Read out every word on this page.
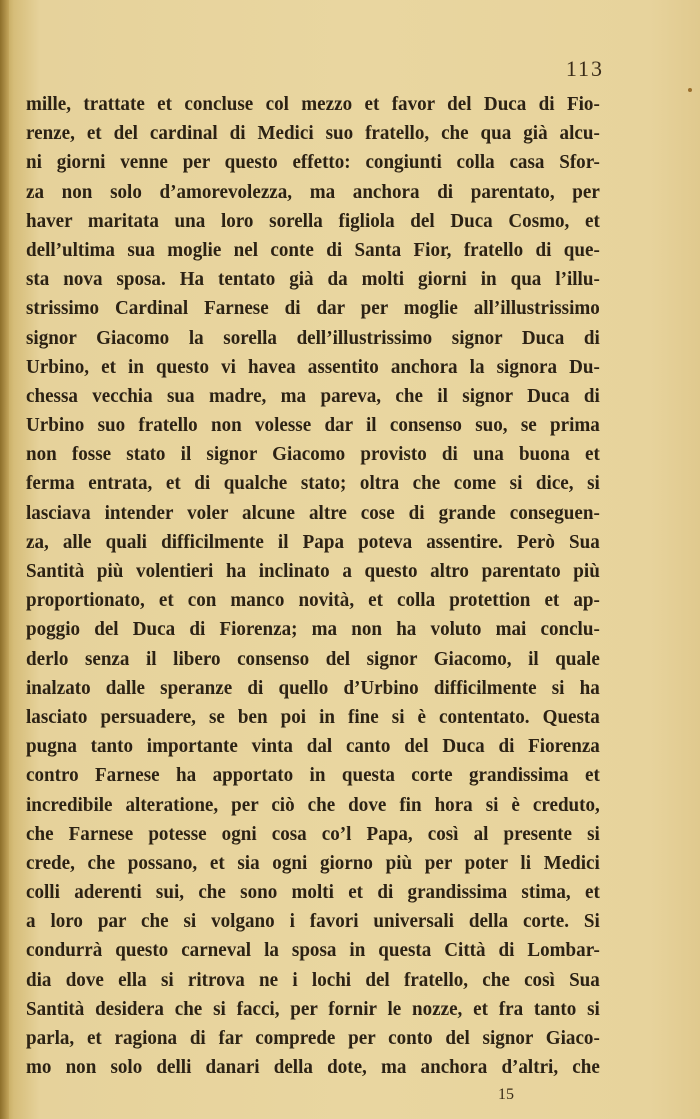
113
mille, trattate et concluse col mezzo et favor del Duca di Fio-
renze, et del cardinal di Medici suo fratello, che qua già alcu-
ni giorni venne per questo effetto: congiunti colla casa Sfor-
za non solo d’amorevolezza, ma anchora di parentato, per
haver maritata una loro sorella figliola del Duca Cosmo, et
dell’ultima sua moglie nel conte di Santa Fior, fratello di que-
sta nova sposa. Ha tentato già da molti giorni in qua l’illu-
strissimo Cardinal Farnese di dar per moglie all’illustrissimo
signor Giacomo la sorella dell’illustrissimo signor Duca di
Urbino, et in questo vi havea assentito anchora la signora Du-
chessa vecchia sua madre, ma pareva, che il signor Duca di
Urbino suo fratello non volesse dar il consenso suo, se prima
non fosse stato il signor Giacomo provisto di una buona et
ferma entrata, et di qualche stato; oltra che come si dice, si
lasciava intender voler alcune altre cose di grande conseguen-
za, alle quali difficilmente il Papa poteva assentire. Però Sua
Santità più volentieri ha inclinato a questo altro parentato più
proportionato, et con manco novità, et colla protettion et ap-
poggio del Duca di Fiorenza; ma non ha voluto mai conclu-
derlo senza il libero consenso del signor Giacomo, il quale
inalzato dalle speranze di quello d’Urbino difficilmente si ha
lasciato persuadere, se ben poi in fine si è contentato. Questa
pugna tanto importante vinta dal canto del Duca di Fiorenza
contro Farnese ha apportato in questa corte grandissima et
incredibile alteratione, per ciò che dove fin hora si è creduto,
che Farnese potesse ogni cosa co’l Papa, così al presente si
crede, che possano, et sia ogni giorno più per poter li Medici
colli aderenti sui, che sono molti et di grandissima stima, et
a loro par che si volgano i favori universali della corte. Si
condurrà questo carneval la sposa in questa Città di Lombar-
dia dove ella si ritrova ne i lochi del fratello, che così Sua
Santità desidera che si facci, per fornir le nozze, et fra tanto si
parla, et ragiona di far comprede per conto del signor Giaco-
mo non solo delli danari della dote, ma anchora d’altri, che
15
